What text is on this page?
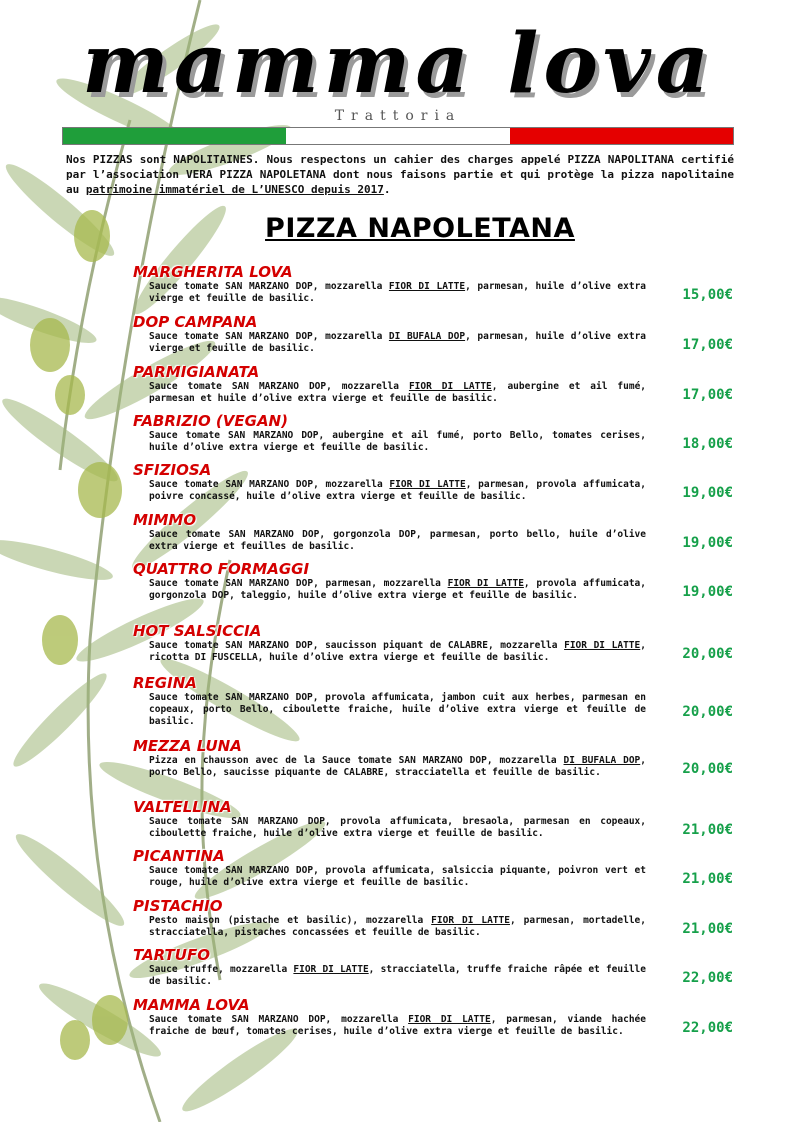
mamma lova
Trattoria
Nos PIZZAS sont NAPOLITAINES. Nous respectons un cahier des charges appelé PIZZA NAPOLITANA certifié par l’association VERA PIZZA NAPOLETANA dont nous faisons partie et qui protège la pizza napolitaine au patrimoine immatériel de L’UNESCO depuis 2017.
PIZZA NAPOLETANA
MARGHERITA LOVA
Sauce tomate SAN MARZANO DOP, mozzarella FIOR DI LATTE, parmesan, huile d’olive extra vierge et feuille de basilic.	15,00€
DOP CAMPANA
Sauce tomate SAN MARZANO DOP, mozzarella DI BUFALA DOP, parmesan, huile d’olive extra vierge et feuille de basilic.	17,00€
PARMIGIANATA
Sauce tomate SAN MARZANO DOP, mozzarella FIOR DI LATTE, aubergine et ail fumé, parmesan et huile d’olive extra vierge et feuille de basilic.	17,00€
FABRIZIO (VEGAN)
Sauce tomate SAN MARZANO DOP, aubergine et ail fumé, porto Bello, tomates cerises, huile d’olive extra vierge et feuille de basilic.	18,00€
SFIZIOSA
Sauce tomate SAN MARZANO DOP, mozzarella FIOR DI LATTE, parmesan, provola affumicata, poivre concassé, huile d’olive extra vierge et feuille de basilic.	19,00€
MIMMO
Sauce tomate SAN MARZANO DOP, gorgonzola DOP, parmesan, porto bello, huile d’olive extra vierge et feuilles de basilic.	19,00€
QUATTRO FORMAGGI
Sauce tomate SAN MARZANO DOP, parmesan, mozzarella FIOR DI LATTE, provola affumicata, gorgonzola DOP, taleggio, huile d’olive extra vierge et feuille de basilic.	19,00€
HOT SALSICCIA
Sauce tomate SAN MARZANO DOP, saucisson piquant de CALABRE, mozzarella FIOR DI LATTE, ricotta DI FUSCELLA, huile d’olive extra vierge et feuille de basilic.	20,00€
REGINA
Sauce tomate SAN MARZANO DOP, provola affumicata, jambon cuit aux herbes, parmesan en copeaux, porto Bello, ciboulette fraiche, huile d’olive extra vierge et feuille de basilic.
20,00€
MEZZA LUNA
Pizza en chausson avec de la Sauce tomate SAN MARZANO DOP, mozzarella DI BUFALA DOP, porto Bello, saucisse piquante de CALABRE, stracciatella et feuille de basilic.	20,00€
VALTELLINA
Sauce tomate SAN MARZANO DOP, provola affumicata, bresaola, parmesan en copeaux, ciboulette fraiche, huile d’olive extra vierge et feuille de basilic.	21,00€
PICANTINA
Sauce tomate SAN MARZANO DOP, provola affumicata, salsiccia piquante, poivron vert et rouge, huile d’olive extra vierge et feuille de basilic.	21,00€
PISTACHIO
Pesto maison (pistache et basilic), mozzarella FIOR DI LATTE, parmesan, mortadelle, stracciatella, pistaches concassées et feuille de basilic.	21,00€
TARTUFO
Sauce truffe, mozzarella FIOR DI LATTE, stracciatella, truffe fraiche râpée et feuille de basilic.	22,00€
MAMMA LOVA
Sauce tomate SAN MARZANO DOP, mozzarella FIOR DI LATTE, parmesan, viande hachée fraiche de bœuf, tomates cerises, huile d’olive extra vierge et feuille de basilic.	22,00€
